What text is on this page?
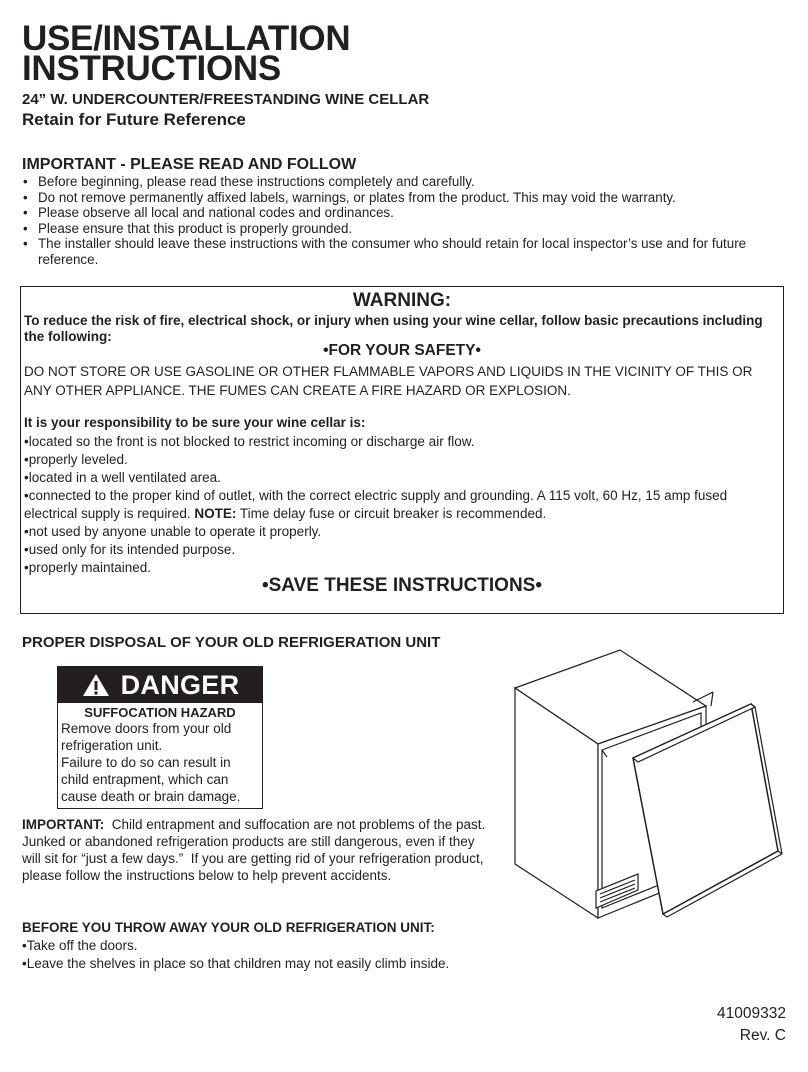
USE/INSTALLATION
INSTRUCTIONS
24” W. UNDERCOUNTER/FREESTANDING WINE CELLAR
Retain for Future Reference
IMPORTANT - PLEASE READ AND FOLLOW
• Before beginning, please read these instructions completely and carefully.
• Do not remove permanently affixed labels, warnings, or plates from the product. This may void the warranty.
• Please observe all local and national codes and ordinances.
• Please ensure that this product is properly grounded.
• The installer should leave these instructions with the consumer who should retain for local inspector’s use and for future reference.
WARNING:
To reduce the risk of fire, electrical shock, or injury when using your wine cellar, follow basic precautions including the following:
•FOR YOUR SAFETY•
DO NOT STORE OR USE GASOLINE OR OTHER FLAMMABLE VAPORS AND LIQUIDS IN THE VICINITY OF THIS OR ANY OTHER APPLIANCE. THE FUMES CAN CREATE A FIRE HAZARD OR EXPLOSION.
It is your responsibility to be sure your wine cellar is:
• located so the front is not blocked to restrict incoming or discharge air flow.
• properly leveled.
• located in a well ventilated area.
• connected to the proper kind of outlet, with the correct electric supply and grounding. A 115 volt, 60 Hz, 15 amp fused electrical supply is required. NOTE: Time delay fuse or circuit breaker is recommended.
• not used by anyone unable to operate it properly.
• used only for its intended purpose.
• properly maintained.
•SAVE THESE INSTRUCTIONS•
PROPER DISPOSAL OF YOUR OLD REFRIGERATION UNIT
DANGER
SUFFOCATION HAZARD
Remove doors from your old refrigeration unit.
Failure to do so can result in child entrapment, which can cause death or brain damage.
IMPORTANT:  Child entrapment and suffocation are not problems of the past.  Junked or abandoned refrigeration products are still dangerous, even if they will sit for “just a few days.”  If you are getting rid of your refrigeration product, please follow the instructions below to help prevent accidents.
BEFORE YOU THROW AWAY YOUR OLD REFRIGERATION UNIT:
• Take off the doors.
• Leave the shelves in place so that children may not easily climb inside.
41009332
Rev. C
